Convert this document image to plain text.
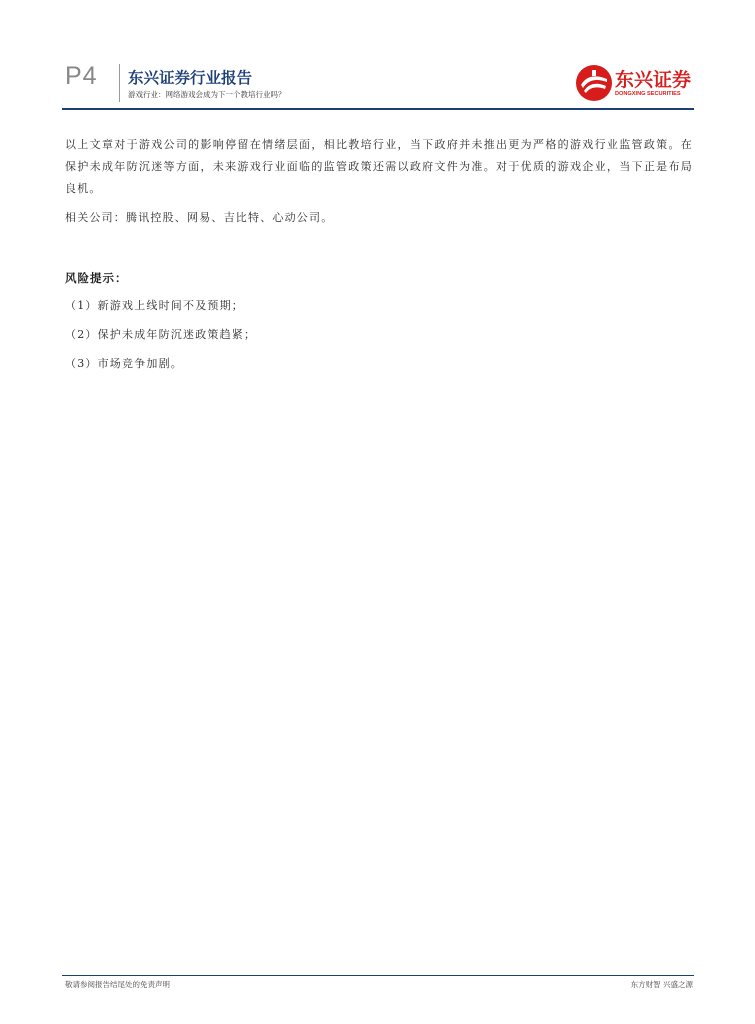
P4 东兴证券行业报告
游戏行业：网络游戏会成为下一个教培行业吗？
东兴证券
DONGXING SECURITIES

以上文章对于游戏公司的影响停留在情绪层面，相比教培行业，当下政府并未推出更为严格的游戏行业监管政策。在保护未成年防沉迷等方面，未来游戏行业面临的监管政策还需以政府文件为准。对于优质的游戏企业，当下正是布局良机。

相关公司：腾讯控股、网易、吉比特、心动公司。

风险提示：
（1）新游戏上线时间不及预期；
（2）保护未成年防沉迷政策趋紧；
（3）市场竞争加剧。
敬请参阅报告结尾处的免责声明	东方财智 兴盛之源
